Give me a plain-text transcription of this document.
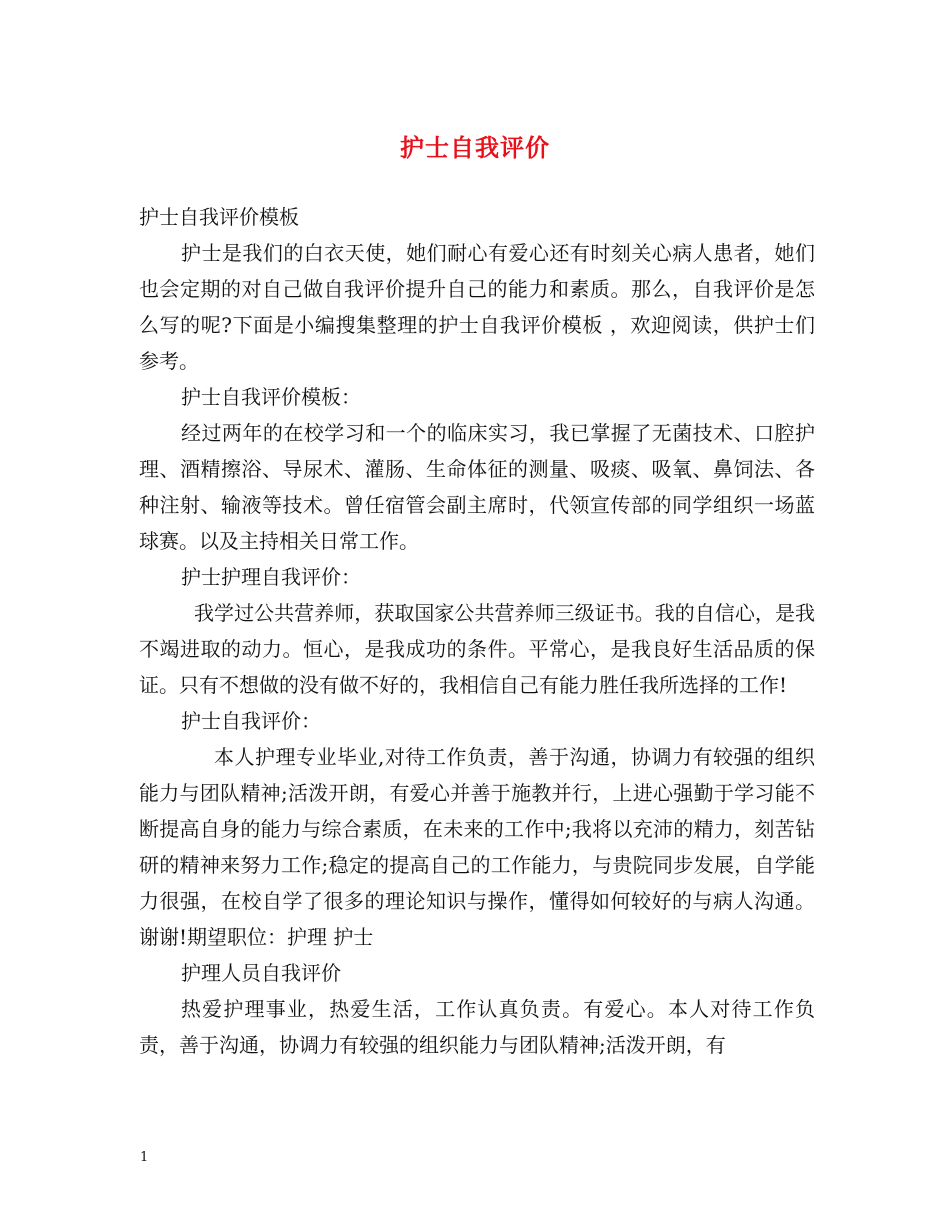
护士自我评价

护士自我评价模板

护士是我们的白衣天使，她们耐心有爱心还有时刻关心病人患者，她们也会定期的对自己做自我评价提升自己的能力和素质。那么，自我评价是怎么写的呢?下面是小编搜集整理的护士自我评价模板 ，欢迎阅读，供护士们参考。

护士自我评价模板：

经过两年的在校学习和一个的临床实习，我已掌握了无菌技术、口腔护理、酒精擦浴、导尿术、灌肠、生命体征的测量、吸痰、吸氧、鼻饲法、各种注射、输液等技术。曾任宿管会副主席时，代领宣传部的同学组织一场蓝球赛。以及主持相关日常工作。

护士护理自我评价：

我学过公共营养师，获取国家公共营养师三级证书。我的自信心，是我不竭进取的动力。恒心，是我成功的条件。平常心，是我良好生活品质的保证。只有不想做的没有做不好的，我相信自己有能力胜任我所选择的工作!

护士自我评价：

本人护理专业毕业,对待工作负责，善于沟通，协调力有较强的组织能力与团队精神;活泼开朗，有爱心并善于施教并行，上进心强勤于学习能不断提高自身的能力与综合素质，在未来的工作中;我将以充沛的精力，刻苦钻研的精神来努力工作;稳定的提高自己的工作能力，与贵院同步发展，自学能力很强，在校自学了很多的理论知识与操作，懂得如何较好的与病人沟通。谢谢!期望职位：护理 护士

护理人员自我评价

热爱护理事业，热爱生活，工作认真负责。有爱心。本人对待工作负责，善于沟通，协调力有较强的组织能力与团队精神;活泼开朗，有

1
